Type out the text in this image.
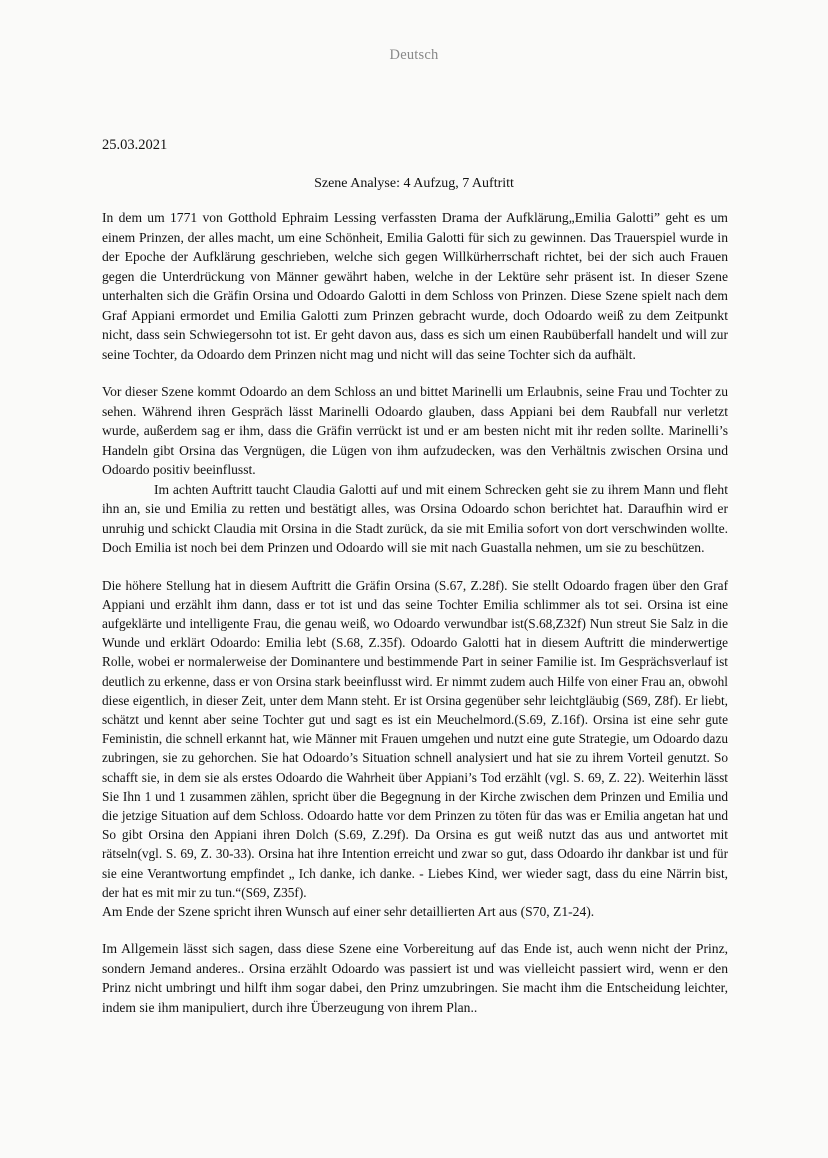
Deutsch
25.03.2021
Szene Analyse: 4 Aufzug, 7 Auftritt

In dem um 1771 von Gotthold Ephraim Lessing verfassten Drama der Aufklärung„Emilia Galotti” geht es um einem Prinzen, der alles macht, um eine Schönheit, Emilia Galotti für sich zu gewinnen. Das Trauerspiel wurde in der Epoche der Aufklärung geschrieben, welche sich gegen Willkürherrschaft richtet, bei der sich auch Frauen gegen die Unterdrückung von Männer gewährt haben, welche in der Lektüre sehr präsent ist. In dieser Szene unterhalten sich die Gräfin Orsina und Odoardo Galotti in dem Schloss von Prinzen. Diese Szene spielt nach dem Graf Appiani ermordet und Emilia Galotti zum Prinzen gebracht wurde, doch Odoardo weiß zu dem Zeitpunkt nicht, dass sein Schwiegersohn tot ist. Er geht davon aus, dass es sich um einen Raubüberfall handelt und will zur seine Tochter, da Odoardo dem Prinzen nicht mag und nicht will das seine Tochter sich da aufhält.

Vor dieser Szene kommt Odoardo an dem Schloss an und bittet Marinelli um Erlaubnis, seine Frau und Tochter zu sehen. Während ihren Gespräch lässt Marinelli Odoardo glauben, dass Appiani bei dem Raubfall nur verletzt wurde, außerdem sag er ihm, dass die Gräfin verrückt ist und er am besten nicht mit ihr reden sollte. Marinelli’s Handeln gibt Orsina das Vergnügen, die Lügen von ihm aufzudecken, was den Verhältnis zwischen Orsina und Odoardo positiv beeinflusst.

Im achten Auftritt taucht Claudia Galotti auf und mit einem Schrecken geht sie zu ihrem Mann und fleht ihn an, sie und Emilia zu retten und bestätigt alles, was Orsina Odoardo schon berichtet hat. Daraufhin wird er unruhig und schickt Claudia mit Orsina in die Stadt zurück, da sie mit Emilia sofort von dort verschwinden wollte. Doch Emilia ist noch bei dem Prinzen und Odoardo will sie mit nach Guastalla nehmen, um sie zu beschützen.

Die höhere Stellung hat in diesem Auftritt die Gräfin Orsina (S.67, Z.28f). Sie stellt Odoardo fragen über den Graf Appiani und erzählt ihm dann, dass er tot ist und das seine Tochter Emilia schlimmer als tot sei. Orsina ist eine aufgeklärte und intelligente Frau, die genau weiß, wo Odoardo verwundbar ist(S.68,Z32f) Nun streut Sie Salz in die Wunde und erklärt Odoardo: Emilia lebt (S.68, Z.35f). Odoardo Galotti hat in diesem Auftritt die minderwertige Rolle, wobei er normalerweise der Dominantere und bestimmende Part in seiner Familie ist. Im Gesprächsverlauf ist deutlich zu erkenne, dass er von Orsina stark beeinflusst wird. Er nimmt zudem auch Hilfe von einer Frau an, obwohl diese eigentlich, in dieser Zeit, unter dem Mann steht. Er ist Orsina gegenüber sehr leichtgläubig (S69, Z8f). Er liebt, schätzt und kennt aber seine Tochter gut und sagt es ist ein Meuchelmord.(S.69, Z.16f). Orsina ist eine sehr gute Feministin, die schnell erkannt hat, wie Männer mit Frauen umgehen und nutzt eine gute Strategie, um Odoardo dazu zubringen, sie zu gehorchen. Sie hat Odoardo’s Situation schnell analysiert und hat sie zu ihrem Vorteil genutzt. So schafft sie, in dem sie als erstes Odoardo die Wahrheit über Appiani’s Tod erzählt (vgl. S. 69, Z. 22). Weiterhin lässt Sie Ihn 1 und 1 zusammen zählen, spricht über die Begegnung in der Kirche zwischen dem Prinzen und Emilia und die jetzige Situation auf dem Schloss. Odoardo hatte vor dem Prinzen zu töten für das was er Emilia angetan hat und So gibt Orsina den Appiani ihren Dolch (S.69, Z.29f). Da Orsina es gut weiß nutzt das aus und antwortet mit rätseln(vgl. S. 69, Z. 30-33). Orsina hat ihre Intention erreicht und zwar so gut, dass Odoardo ihr dankbar ist und für sie eine Verantwortung empfindet „ Ich danke, ich danke. - Liebes Kind, wer wieder sagt, dass du eine Närrin bist, der hat es mit mir zu tun.“(S69, Z35f).

Am Ende der Szene spricht ihren Wunsch auf einer sehr detaillierten Art aus (S70, Z1-24).

Im Allgemein lässt sich sagen, dass diese Szene eine Vorbereitung auf das Ende ist, auch wenn nicht der Prinz, sondern Jemand anderes.. Orsina erzählt Odoardo was passiert ist und was vielleicht passiert wird, wenn er den Prinz nicht umbringt und hilft ihm sogar dabei, den Prinz umzubringen. Sie macht ihm die Entscheidung leichter, indem sie ihm manipuliert, durch ihre Überzeugung von ihrem Plan..
